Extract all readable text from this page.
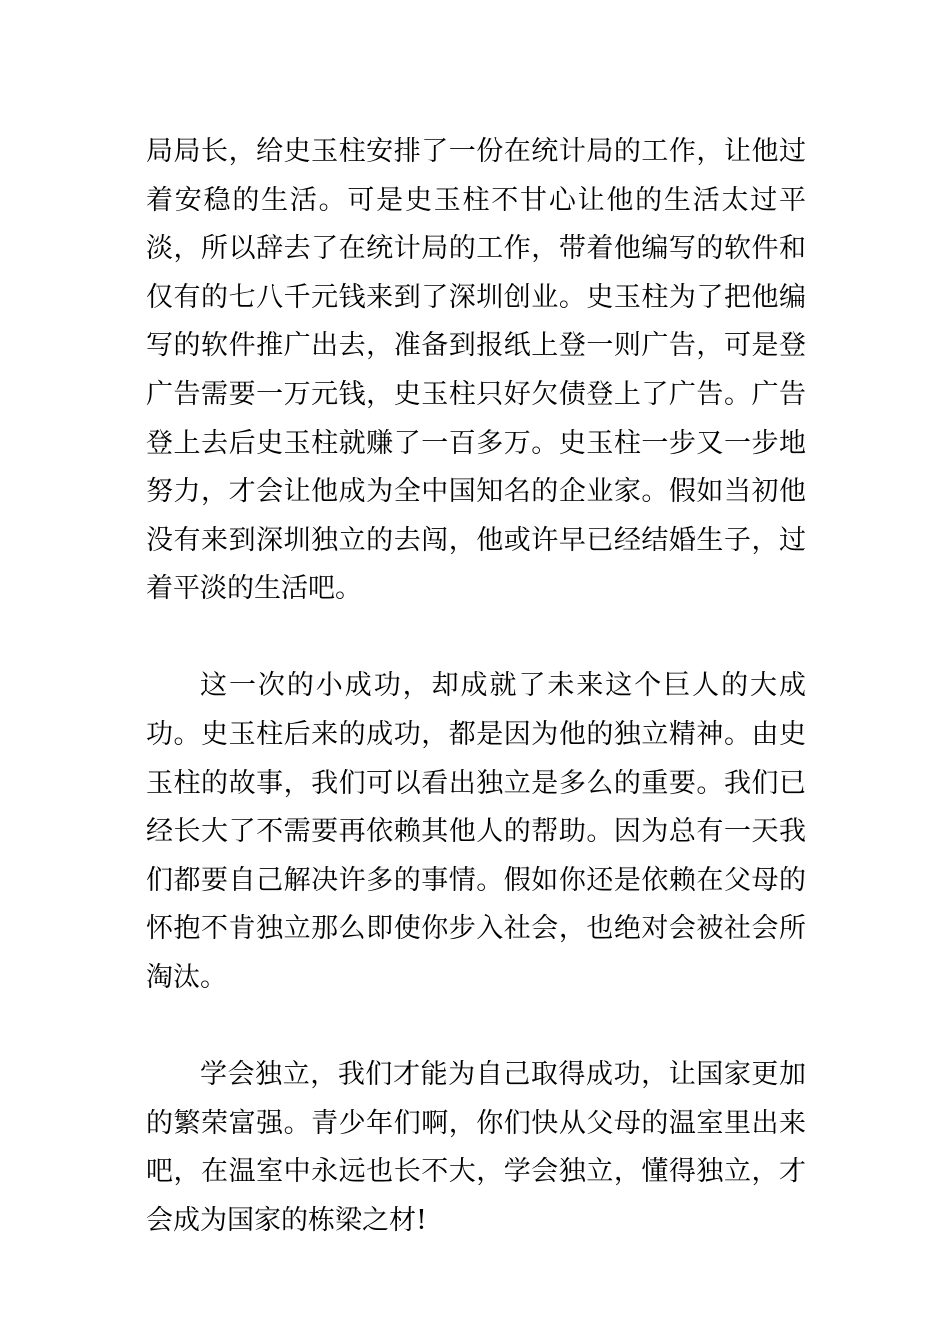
局局长，给史玉柱安排了一份在统计局的工作，让他过着安稳的生活。可是史玉柱不甘心让他的生活太过平淡，所以辞去了在统计局的工作，带着他编写的软件和仅有的七八千元钱来到了深圳创业。史玉柱为了把他编写的软件推广出去，准备到报纸上登一则广告，可是登广告需要一万元钱，史玉柱只好欠债登上了广告。广告登上去后史玉柱就赚了一百多万。史玉柱一步又一步地努力，才会让他成为全中国知名的企业家。假如当初他没有来到深圳独立的去闯，他或许早已经结婚生子，过着平淡的生活吧。

这一次的小成功，却成就了未来这个巨人的大成功。史玉柱后来的成功，都是因为他的独立精神。由史玉柱的故事，我们可以看出独立是多么的重要。我们已经长大了不需要再依赖其他人的帮助。因为总有一天我们都要自己解决许多的事情。假如你还是依赖在父母的怀抱不肯独立那么即使你步入社会，也绝对会被社会所淘汰。

学会独立，我们才能为自己取得成功，让国家更加的繁荣富强。青少年们啊，你们快从父母的温室里出来吧，在温室中永远也长不大，学会独立，懂得独立，才会成为国家的栋梁之材!
